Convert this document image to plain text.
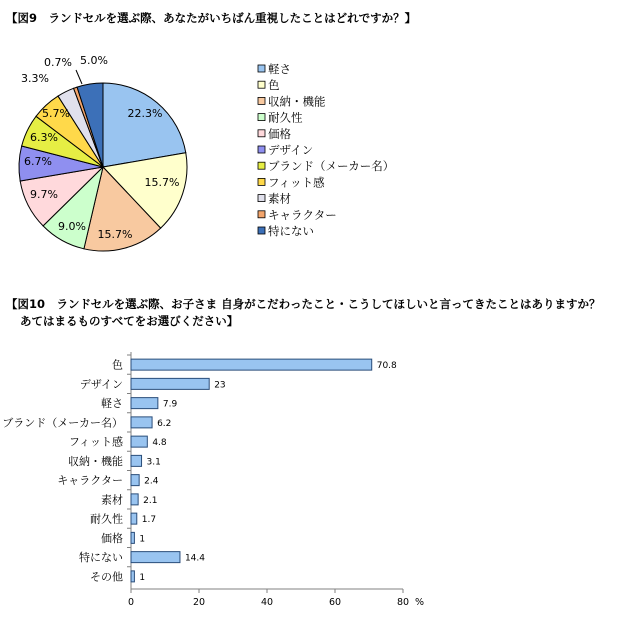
【図9　ランドセルを選ぶ際、あなたがいちばん重視したことはどれですか？】
【図10　ランドセルを選ぶ際、お子さま 自身がこだわったこと・こうしてほしいと言ってきたことはありますか？
あてはまるものすべてをお選びください】
22.3%
15.7%
15.7%
9.0%
9.7%
6.7%
6.3%
5.7%
3.3%
0.7% 5.0%
軽さ
色
収納・機能
耐久性
価格
デザイン
ブランド（メーカー名）
フィット感
素材
キャラクター
特にない
色	70.8
デザイン	23
軽さ	7.9
ブランド（メーカー名）	6.2
フィット感	4.8
収納・機能	3.1
キャラクター 2.4
素材 2.1
耐久性 1.7
価格 1
特にない	14.4
その他 1
0	20	40	60	80 %
